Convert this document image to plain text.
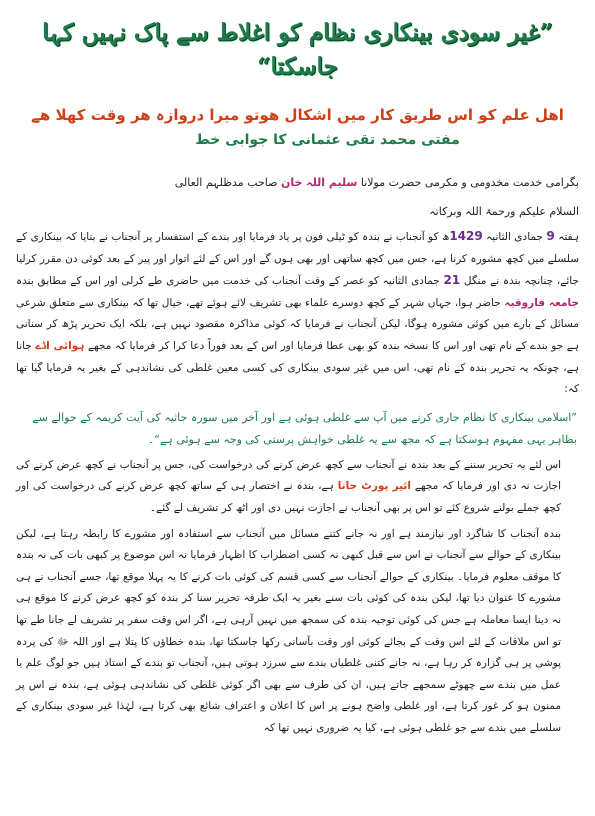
”غیر سودی بینکاری نظام کو اغلاط سے پاک نہیں کہا جاسکتا“
اھل علم کو اس طریق کار میں اشکال ھوتو میرا دروازہ ھر وقت کھلا ھے
مفتی محمد تقی عثمانی کا جوابی خط
بگرامی خدمت مخدومی و مکرمی حضرت مولانا سلیم اللہ خان صاحب مدظلہم العالی
السلام علیکم ورحمۃ اللہ وبرکاتہ

ہفتہ 9 جمادی الثانیہ 1429ھ کو آنجناب نے بندہ کو ٹیلی فون پر یاد فرمایا اور بندے کے استفسار پر آنجناب نے بتایا کہ بینکاری کے سلسلے میں کچھ مشورہ کرنا ہے، جس میں کچھ ساتھی اور بھی ہوں گے اور اس کے لئے اتوار اور پیر کے بعد کوئی دن مقرر کرلیا جائے، چنانچہ بندہ نے منگل 21 جمادی الثانیہ کو عصر کے وقت آنجناب کی خدمت میں حاضری طے کرلی اور اس کے مطابق بندہ جامعہ فاروقیہ حاضر ہوا، جہاں شہر کے کچھ دوسرے علماء بھی تشریف لائے ہوئے تھے، خیال تھا کہ بینکاری سے متعلق شرعی مسائل کے بارے میں کوئی مشورہ ہوگا، لیکن آنجناب نے فرمایا کہ کوئی مذاکرہ مقصود نہیں ہے، بلکہ ایک تحریر پڑھ کر سنانی ہے جو بندے کے نام تھی اور اس کا نسخہ بندہ کو بھی عطا فرمایا اور اس کے بعد فوراً دعا کرا کر فرمایا کہ مجھے ہوائی اڈے جانا ہے، چونکہ یہ تحریر بندہ کے نام تھی، اس میں غیر سودی بینکاری کی کسی معین غلطی کی نشاندہی کے بغیر یہ فرمایا گیا تھا کہ:

”اسلامی بینکاری کا نظام جاری کرنے میں آپ سے غلطی ہوئی ہے اور آخر میں سورہ جاثیہ کی آیت کریمہ کے حوالے سے بظاہر یہی مفہوم ہوسکتا ہے کہ مجھ سے یہ غلطی خواہش پرستی کی وجہ سے ہوئی ہے“۔

اس لئے یہ تحریر سننے کے بعد بندہ نے آنجناب سے کچھ عرض کرنے کی درخواست کی، جس پر آنجناب نے کچھ عرض کرنے کی اجازت نہ دی اور فرمایا کہ مجھے ائیر پورٹ جانا ہے، بندہ نے اختصار ہی کے ساتھ کچھ عرض کرنے کی درخواست کی اور کچھ جملے بولنے شروع کئے تو اس پر بھی آنجناب نے اجازت نہیں دی اور اٹھ کر تشریف لے گئے۔

بندہ آنجناب کا شاگرد اور نیازمند ہے اور نہ جانے کتنے مسائل میں آنجناب سے استفادہ اور مشورے کا رابطہ رہتا ہے، لیکن بینکاری کے حوالے سے آنجناب نے اس سے قبل کبھی نہ کسی اضطراب کا اظہار فرمایا نہ اس موضوع پر کبھی بات کی نہ بندہ کا موقف معلوم فرمایا۔ بینکاری کے حوالے آنجناب سے کسی قسم کی کوئی بات کرنے کا یہ پہلا موقع تھا، جسے آنجناب نے ہی مشورے کا عنوان دیا تھا، لیکن بندہ کی کوئی بات سنے بغیر یہ ایک طرفہ تحریر سنا کر بندہ کو کچھ عرض کرنے کا موقع ہی نہ دینا ایسا معاملہ ہے جس کی کوئی توجیہ بندہ کی سمجھ میں نہیں آرہی ہے، اگر اس وقت سفر پر تشریف لے جانا طے تھا تو اس ملاقات کے لئے اس وقت کے بجائے کوئی اور وقت بآسانی رکھا جاسکتا تھا، بندہ خطاؤں کا پتلا ہے اور اللہ ﷻ کی پردہ پوشی پر ہی گزارہ کر رہا ہے، نہ جانے کتنی غلطیاں بندے سے سرزد ہوتی ہیں، آنجناب تو بندے کے استاذ ہیں جو لوگ علم یا عمل میں بندے سے چھوٹے سمجھے جاتے ہیں، ان کی طرف سے بھی اگر کوئی غلطی کی نشاندہی ہوئی ہے، بندہ نے اس پر ممنون ہو کر غور کرتا ہے، اور غلطی واضح ہونے پر اس کا اعلان و اعتراف شائع بھی کرتا ہے، لہٰذا غیر سودی بینکاری کے سلسلے میں بندے سے جو غلطی ہوئی ہے، کیا یہ ضروری نہیں تھا کہ
